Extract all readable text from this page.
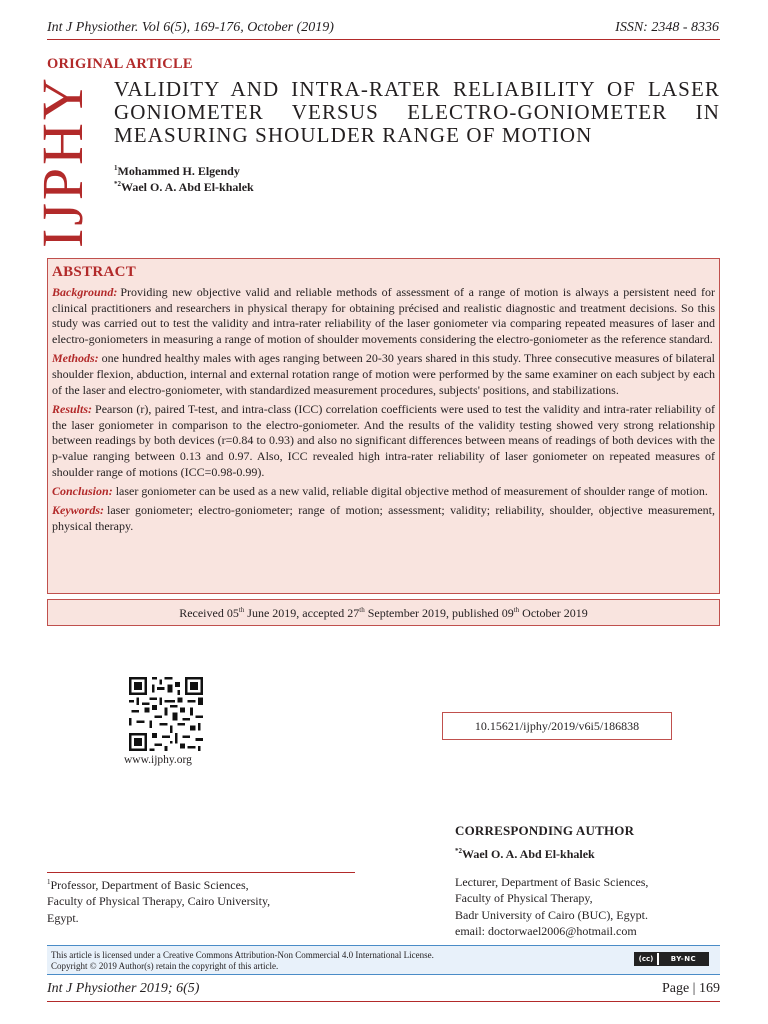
Int J Physiother. Vol 6(5), 169-176, October (2019)	ISSN: 2348 - 8336
ORIGINAL ARTICLE
IJPHY VALIDITY AND INTRA-RATER RELIABILITY OF LASER GONIOMETER VERSUS ELECTRO-GONIOMETER IN MEASURING SHOULDER RANGE OF MOTION
$^1$Mohammed H. Elgendy
$^{*2}$Wael O. A. Abd El-khalek
ABSTRACT

Background: Providing new objective valid and reliable methods of assessment of a range of motion is always a persistent need for clinical practitioners and researchers in physical therapy for obtaining précised and realistic diagnostic and treatment decisions. So this study was carried out to test the validity and intra-rater reliability of the laser goniometer via comparing repeated measures of laser and electro-goniometers in measuring a range of motion of shoulder movements considering the electro-goniometer as the reference standard.

Methods: one hundred healthy males with ages ranging between 20-30 years shared in this study. Three consecutive measures of bilateral shoulder flexion, abduction, internal and external rotation range of motion were performed by the same examiner on each subject by each of the laser and electro-goniometer, with standardized measurement procedures, subjects' positions, and stabilizations.

Results: Pearson (r), paired T-test, and intra-class (ICC) correlation coefficients were used to test the validity and intra-rater reliability of the laser goniometer in comparison to the electro-goniometer. And the results of the validity testing showed very strong relationship between readings by both devices (r=0.84 to 0.93) and also no significant differences between means of readings of both devices with the p-value ranging between 0.13 and 0.97. Also, ICC revealed high intra-rater reliability of laser goniometer on repeated measures of shoulder range of motions (ICC=0.98-0.99).

Conclusion: laser goniometer can be used as a new valid, reliable digital objective method of measurement of shoulder range of motion.

Keywords: laser goniometer; electro-goniometer; range of motion; assessment; validity; reliability, shoulder, objective measurement, physical therapy.

Received 05th June 2019, accepted 27th September 2019, published 09th October 2019
www.ijphy.org
10.15621/ijphy/2019/v6i5/186838
CORRESPONDING AUTHOR
$^{*2}$Wael O. A. Abd El-khalek
Lecturer, Department of Basic Sciences,
Faculty of Physical Therapy,
Badr University of Cairo (BUC), Egypt.
email: doctorwael2006@hotmail.com
$^1$Professor, Department of Basic Sciences,
Faculty of Physical Therapy, Cairo University,
Egypt.
This article is licensed under a Creative Commons Attribution-Non Commercial 4.0 International License.
Copyright © 2019 Author(s) retain the copyright of this article.
(cc)	BY-NC
Int J Physiother 2019; 6(5)	Page | 169
